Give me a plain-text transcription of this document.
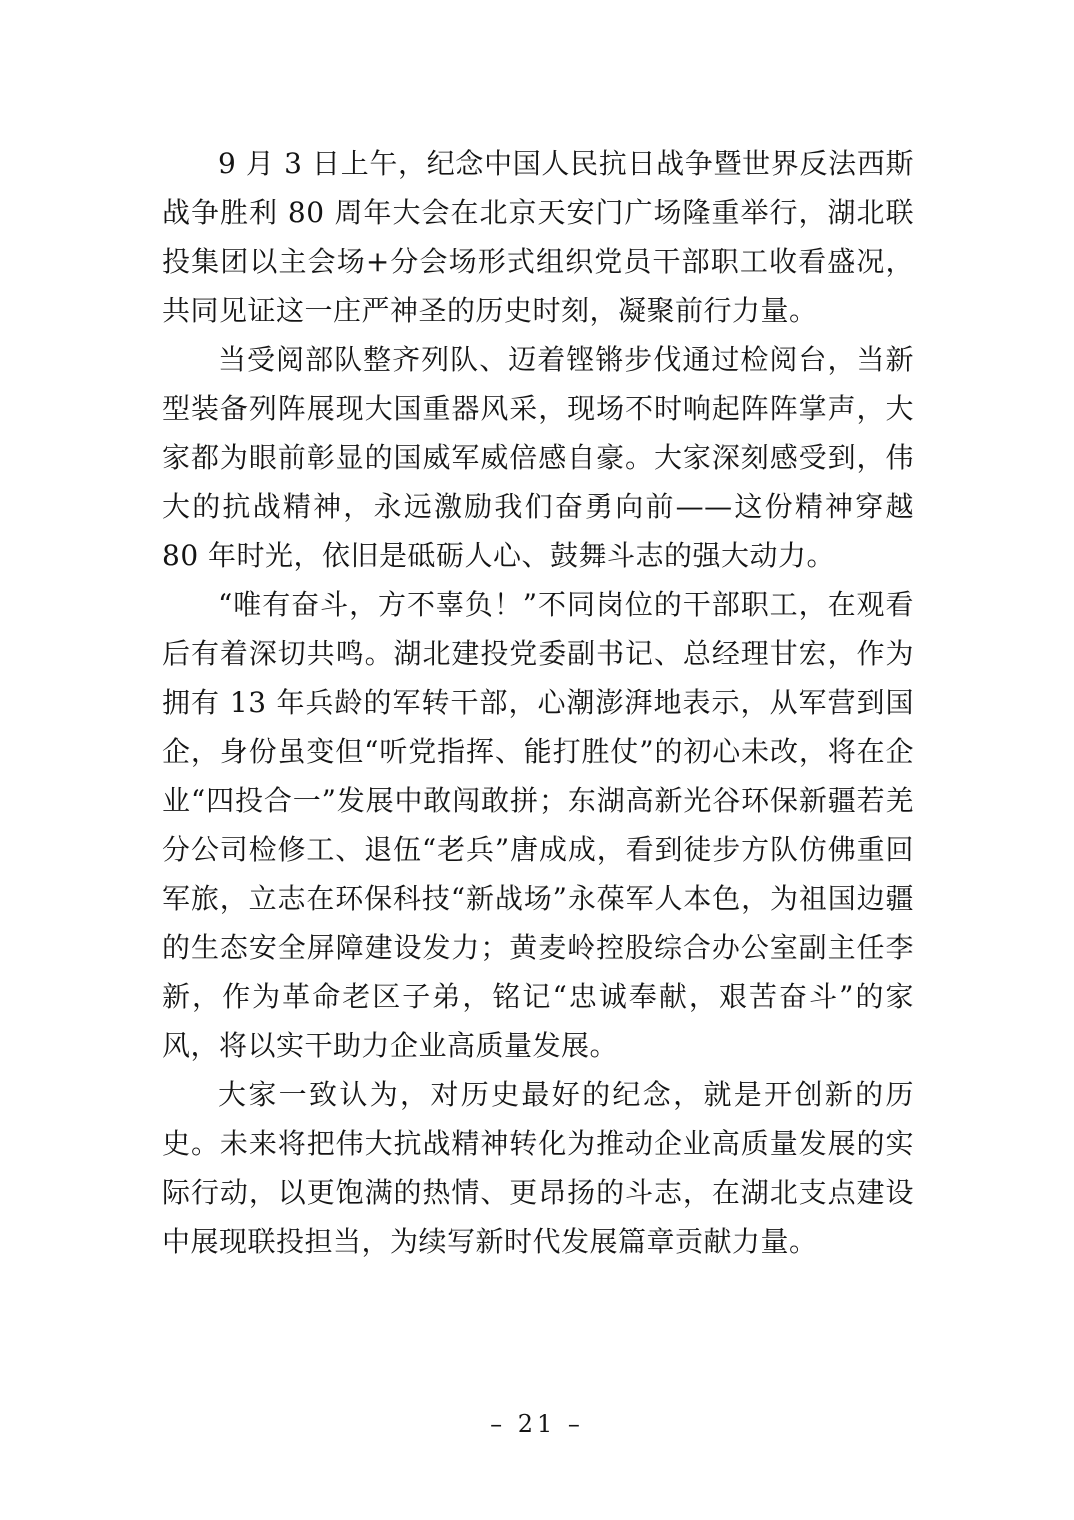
9 月 3 日上午，纪念中国人民抗日战争暨世界反法西斯战争胜利 80 周年大会在北京天安门广场隆重举行，湖北联投集团以主会场+分会场形式组织党员干部职工收看盛况，共同见证这一庄严神圣的历史时刻，凝聚前行力量。

当受阅部队整齐列队、迈着铿锵步伐通过检阅台，当新型装备列阵展现大国重器风采，现场不时响起阵阵掌声，大家都为眼前彰显的国威军威倍感自豪。大家深刻感受到，伟大的抗战精神，永远激励我们奋勇向前——这份精神穿越 80 年时光，依旧是砥砺人心、鼓舞斗志的强大动力。

“唯有奋斗，方不辜负！”不同岗位的干部职工，在观看后有着深切共鸣。湖北建投党委副书记、总经理甘宏，作为拥有 13 年兵龄的军转干部，心潮澎湃地表示，从军营到国企，身份虽变但“听党指挥、能打胜仗”的初心未改，将在企业“四投合一”发展中敢闯敢拼；东湖高新光谷环保新疆若羌分公司检修工、退伍“老兵”唐成成，看到徒步方队仿佛重回军旅，立志在环保科技“新战场”永葆军人本色，为祖国边疆的生态安全屏障建设发力；黄麦岭控股综合办公室副主任李新，作为革命老区子弟，铭记“忠诚奉献，艰苦奋斗”的家风，将以实干助力企业高质量发展。

大家一致认为，对历史最好的纪念，就是开创新的历史。未来将把伟大抗战精神转化为推动企业高质量发展的实际行动，以更饱满的热情、更昂扬的斗志，在湖北支点建设中展现联投担当，为续写新时代发展篇章贡献力量。

– 21 –
